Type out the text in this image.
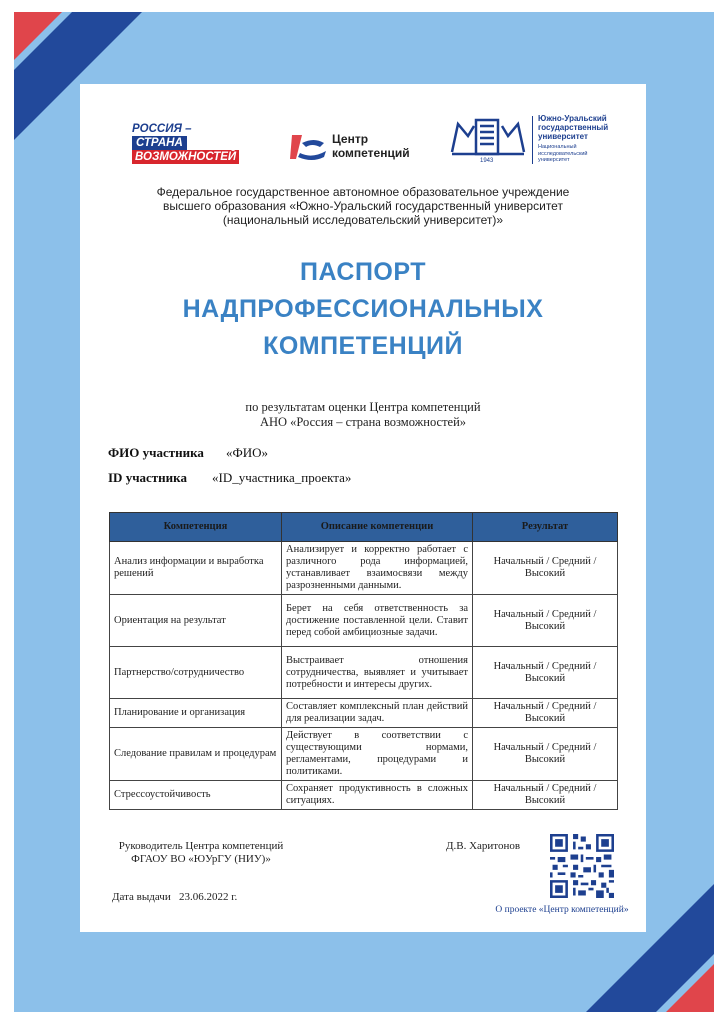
РОССИЯ –
СТРАНА
ВОЗМОЖНОСТЕЙ
Центр
компетенций
1943
Южно-Уральский
государственный
университет
Национальный
исследовательский
университет
Федеральное государственное автономное образовательное учреждение
высшего образования «Южно-Уральский государственный университет
(национальный исследовательский университет)»
ПАСПОРТ
НАДПРОФЕССИОНАЛЬНЫХ
КОМПЕТЕНЦИЙ
по результатам оценки Центра компетенций
АНО «Россия – страна возможностей»
ФИО участника «ФИО»
ID участника «ID_участника_проекта»
Компетенция	Описание компетенции	Результат
Анализ информации и выработка решений	Анализирует и корректно работает с различного рода информацией, устанавливает взаимосвязи между разрозненными данными.	Начальный / Средний / Высокий
Ориентация на результат	Берет на себя ответственность за достижение поставленной цели. Ставит перед собой амбициозные задачи.	Начальный / Средний / Высокий
Партнерство/сотрудничество	Выстраивает отношения сотрудничества, выявляет и учитывает потребности и интересы других.	Начальный / Средний / Высокий
Планирование и организация	Составляет комплексный план действий для реализации задач.	Начальный / Средний / Высокий
Следование правилам и процедурам	Действует в соответствии с существующими нормами, регламентами, процедурами и политиками.	Начальный / Средний / Высокий
Стрессоустойчивость	Сохраняет продуктивность в сложных ситуациях.	Начальный / Средний / Высокий
Руководитель Центра компетенций
ФГАОУ ВО «ЮУрГУ (НИУ)»
Д.В. Харитонов
Дата выдачи   23.06.2022 г.
О проекте «Центр компетенций»
